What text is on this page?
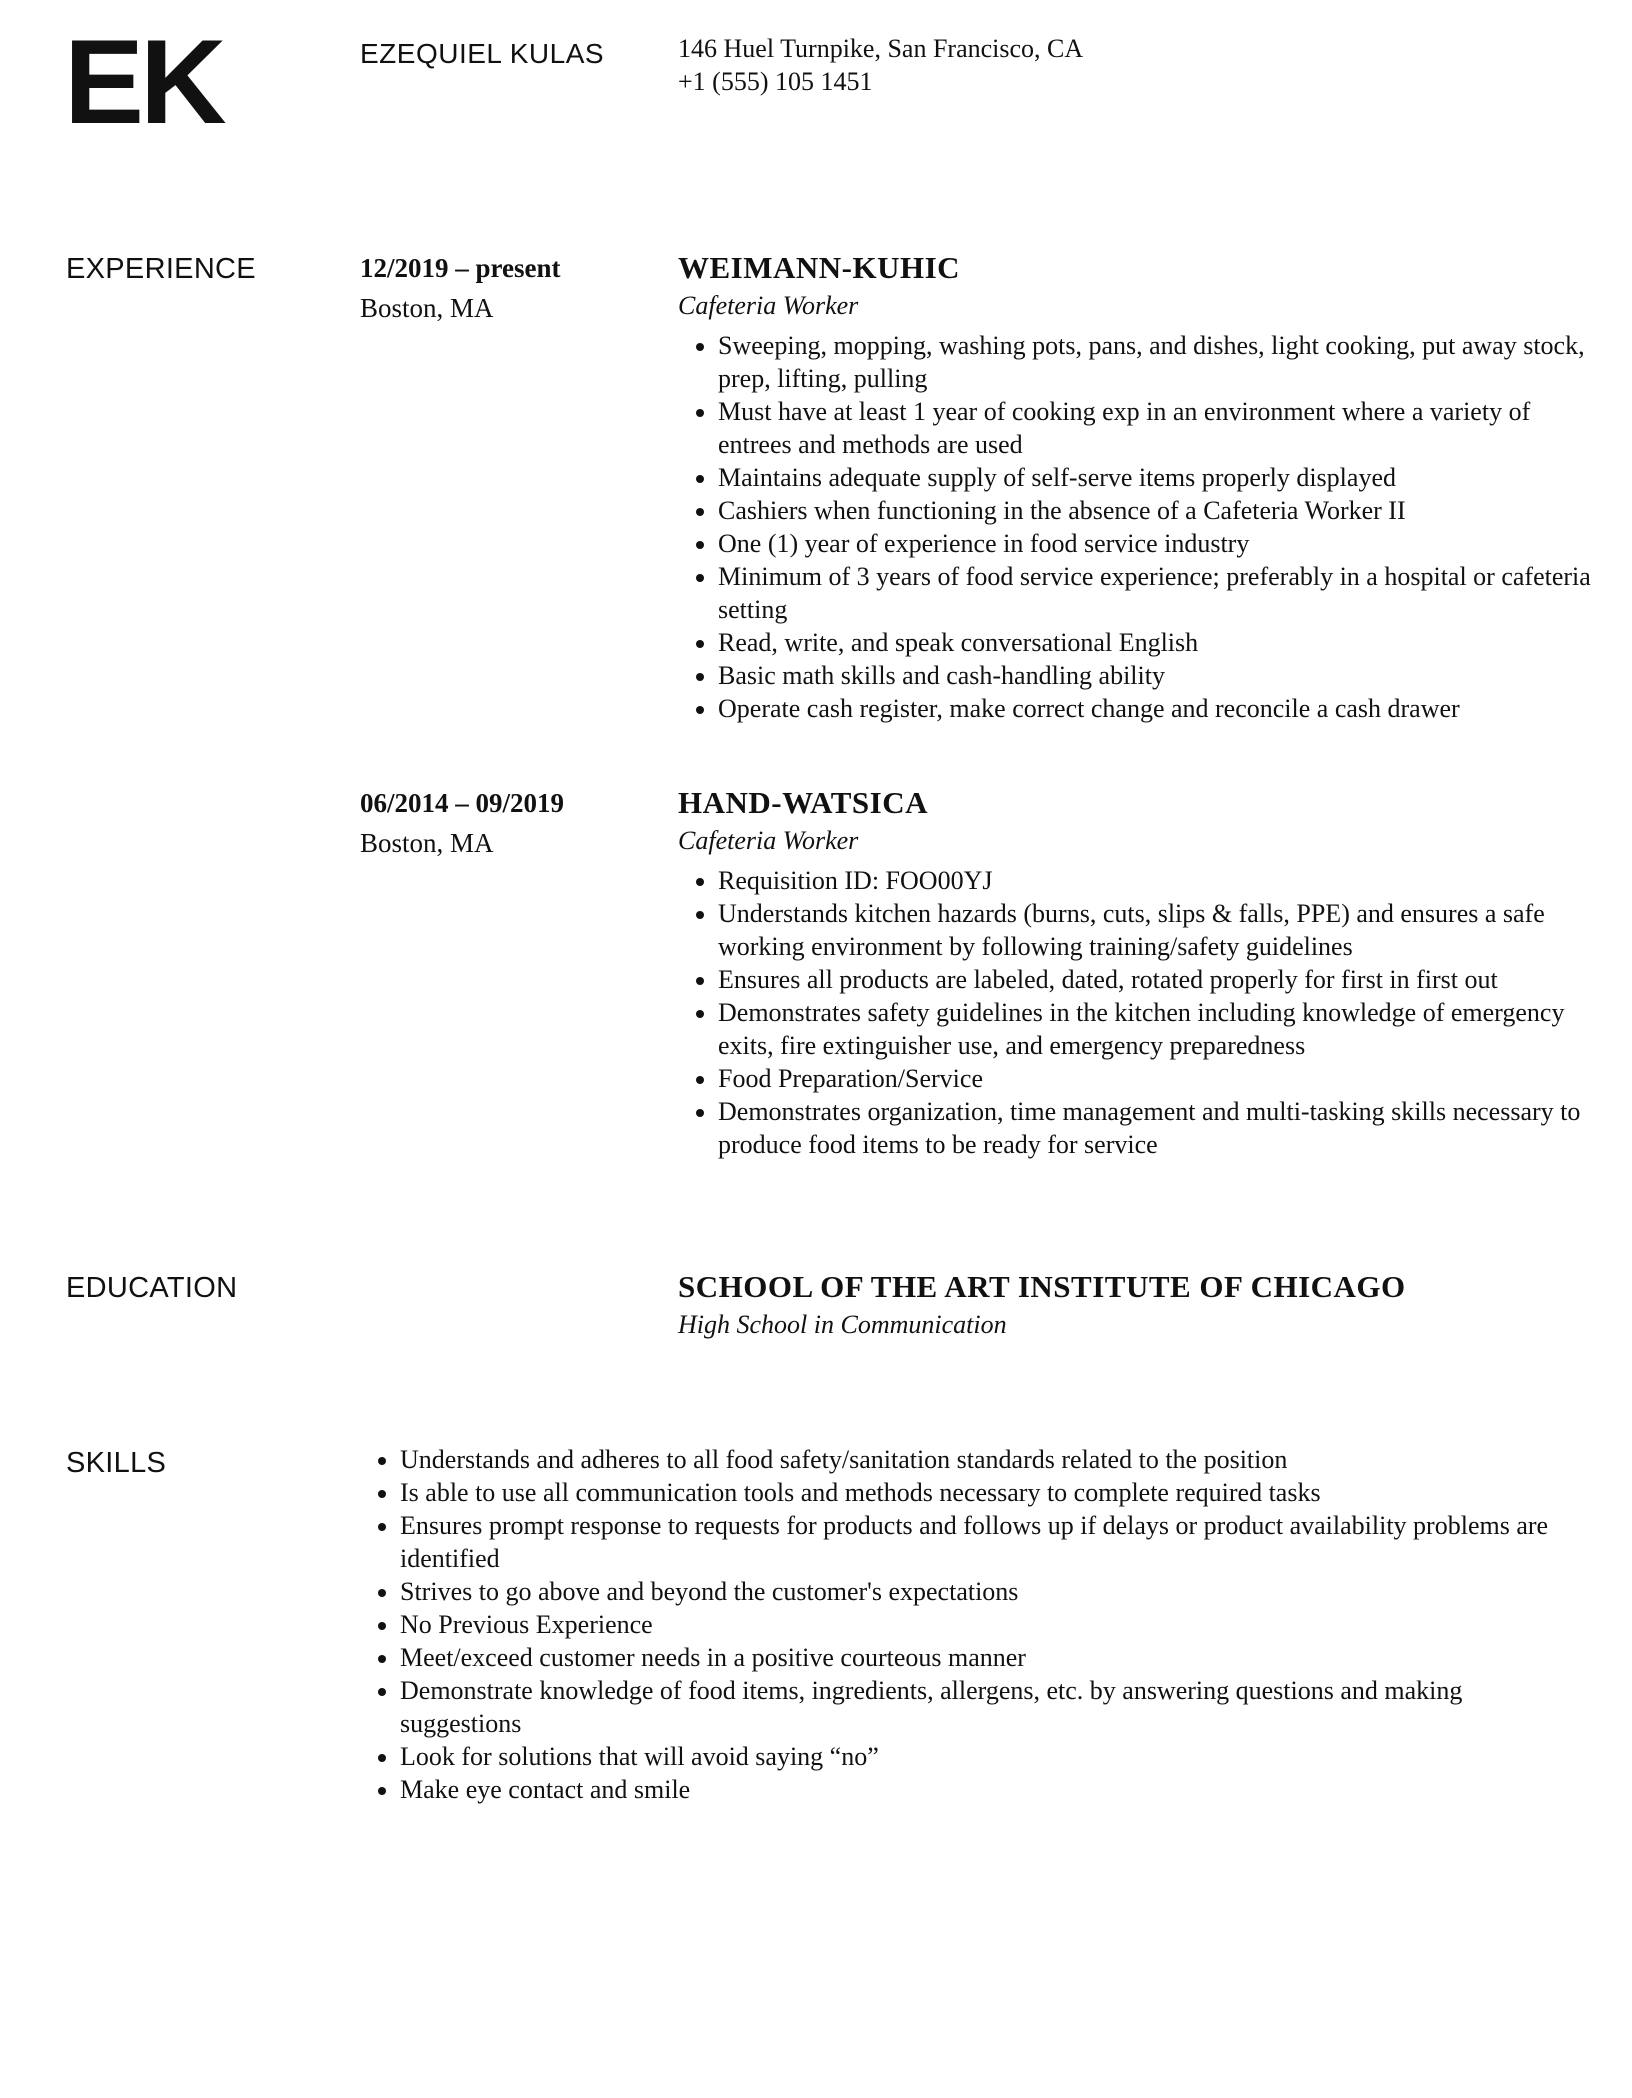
EK	EZEQUIEL KULAS	146 Huel Turnpike, San Francisco, CA
+1 (555) 105 1451
EXPERIENCE	12/2019 – present
Boston, MA
WEIMANN-KUHIC
Cafeteria Worker
• Sweeping, mopping, washing pots, pans, and dishes, light cooking, put away stock, prep, lifting, pulling
• Must have at least 1 year of cooking exp in an environment where a variety of entrees and methods are used
• Maintains adequate supply of self-serve items properly displayed
• Cashiers when functioning in the absence of a Cafeteria Worker II
• One (1) year of experience in food service industry
• Minimum of 3 years of food service experience; preferably in a hospital or cafeteria setting
• Read, write, and speak conversational English
• Basic math skills and cash-handling ability
• Operate cash register, make correct change and reconcile a cash drawer
06/2014 – 09/2019
Boston, MA
HAND-WATSICA
Cafeteria Worker
• Requisition ID: FOO00YJ
• Understands kitchen hazards (burns, cuts, slips & falls, PPE) and ensures a safe working environment by following training/safety guidelines
• Ensures all products are labeled, dated, rotated properly for first in first out
• Demonstrates safety guidelines in the kitchen including knowledge of emergency exits, fire extinguisher use, and emergency preparedness
• Food Preparation/Service
• Demonstrates organization, time management and multi-tasking skills necessary to produce food items to be ready for service
EDUCATION	SCHOOL OF THE ART INSTITUTE OF CHICAGO
High School in Communication
SKILLS
•	Understands and adheres to all food safety/sanitation standards related to the position
• Is able to use all communication tools and methods necessary to complete required tasks
• Ensures prompt response to requests for products and follows up if delays or product availability problems are identified
• Strives to go above and beyond the customer's expectations
• No Previous Experience
• Meet/exceed customer needs in a positive courteous manner
• Demonstrate knowledge of food items, ingredients, allergens, etc. by answering questions and making suggestions
• Look for solutions that will avoid saying “no”
• Make eye contact and smile
